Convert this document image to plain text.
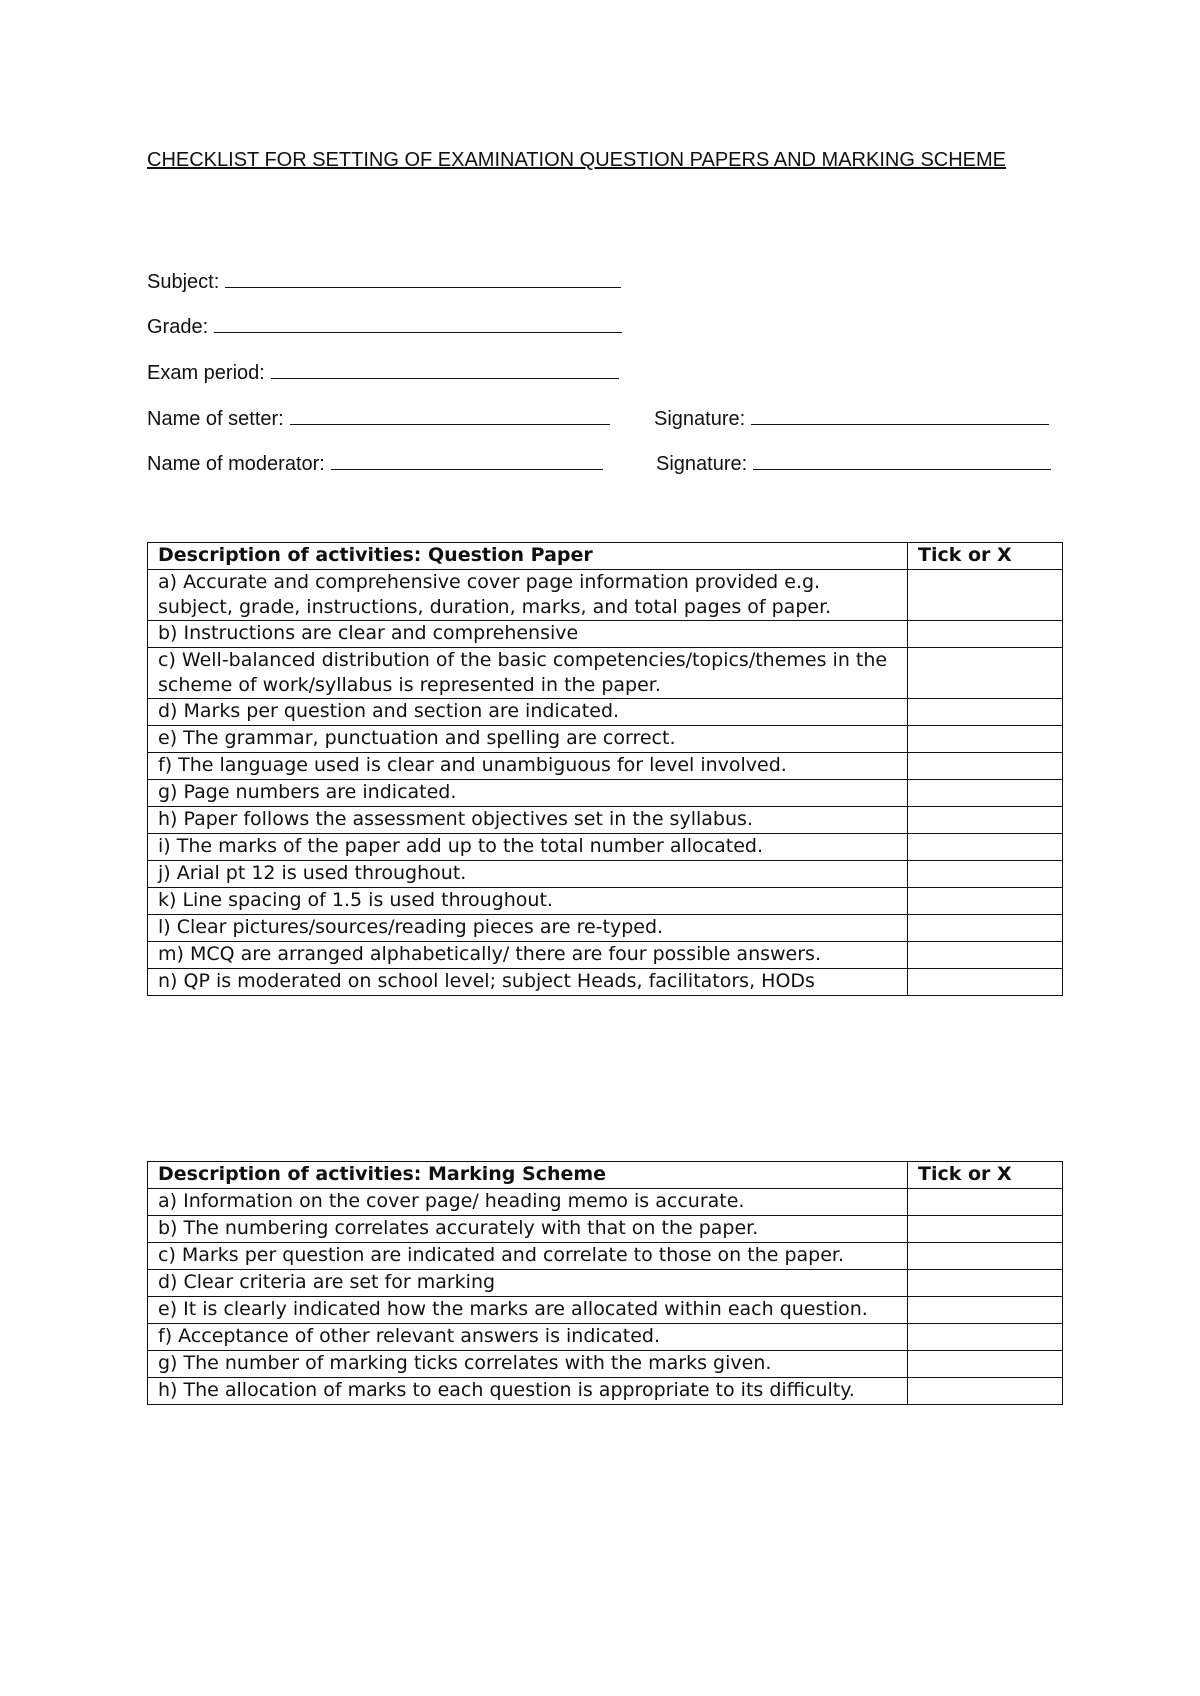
CHECKLIST FOR SETTING OF EXAMINATION QUESTION PAPERS AND MARKING SCHEME
Subject:
Grade:
Exam period:
Name of setter:	Signature:
Name of moderator:	Signature:
Description of activities: Question Paper	Tick or X
a) Accurate and comprehensive cover page information provided e.g. subject, grade, instructions, duration, marks, and total pages of paper.	
b) Instructions are clear and comprehensive	
c) Well-balanced distribution of the basic competencies/topics/themes in the scheme of work/syllabus is represented in the paper.	
d) Marks per question and section are indicated.	
e) The grammar, punctuation and spelling are correct.	
f) The language used is clear and unambiguous for level involved.	
g) Page numbers are indicated.	
h) Paper follows the assessment objectives set in the syllabus.	
i) The marks of the paper add up to the total number allocated.	
j) Arial pt 12 is used throughout.	
k) Line spacing of 1.5 is used throughout.	
l) Clear pictures/sources/reading pieces are re-typed.	
m) MCQ are arranged alphabetically/ there are four possible answers.	
n) QP is moderated on school level; subject Heads, facilitators, HODs	
Description of activities: Marking Scheme	Tick or X
a) Information on the cover page/ heading memo is accurate.	
b) The numbering correlates accurately with that on the paper.	
c) Marks per question are indicated and correlate to those on the paper.	
d) Clear criteria are set for marking	
e) It is clearly indicated how the marks are allocated within each question.	
f) Acceptance of other relevant answers is indicated.	
g) The number of marking ticks correlates with the marks given.	
h) The allocation of marks to each question is appropriate to its difficulty.	
